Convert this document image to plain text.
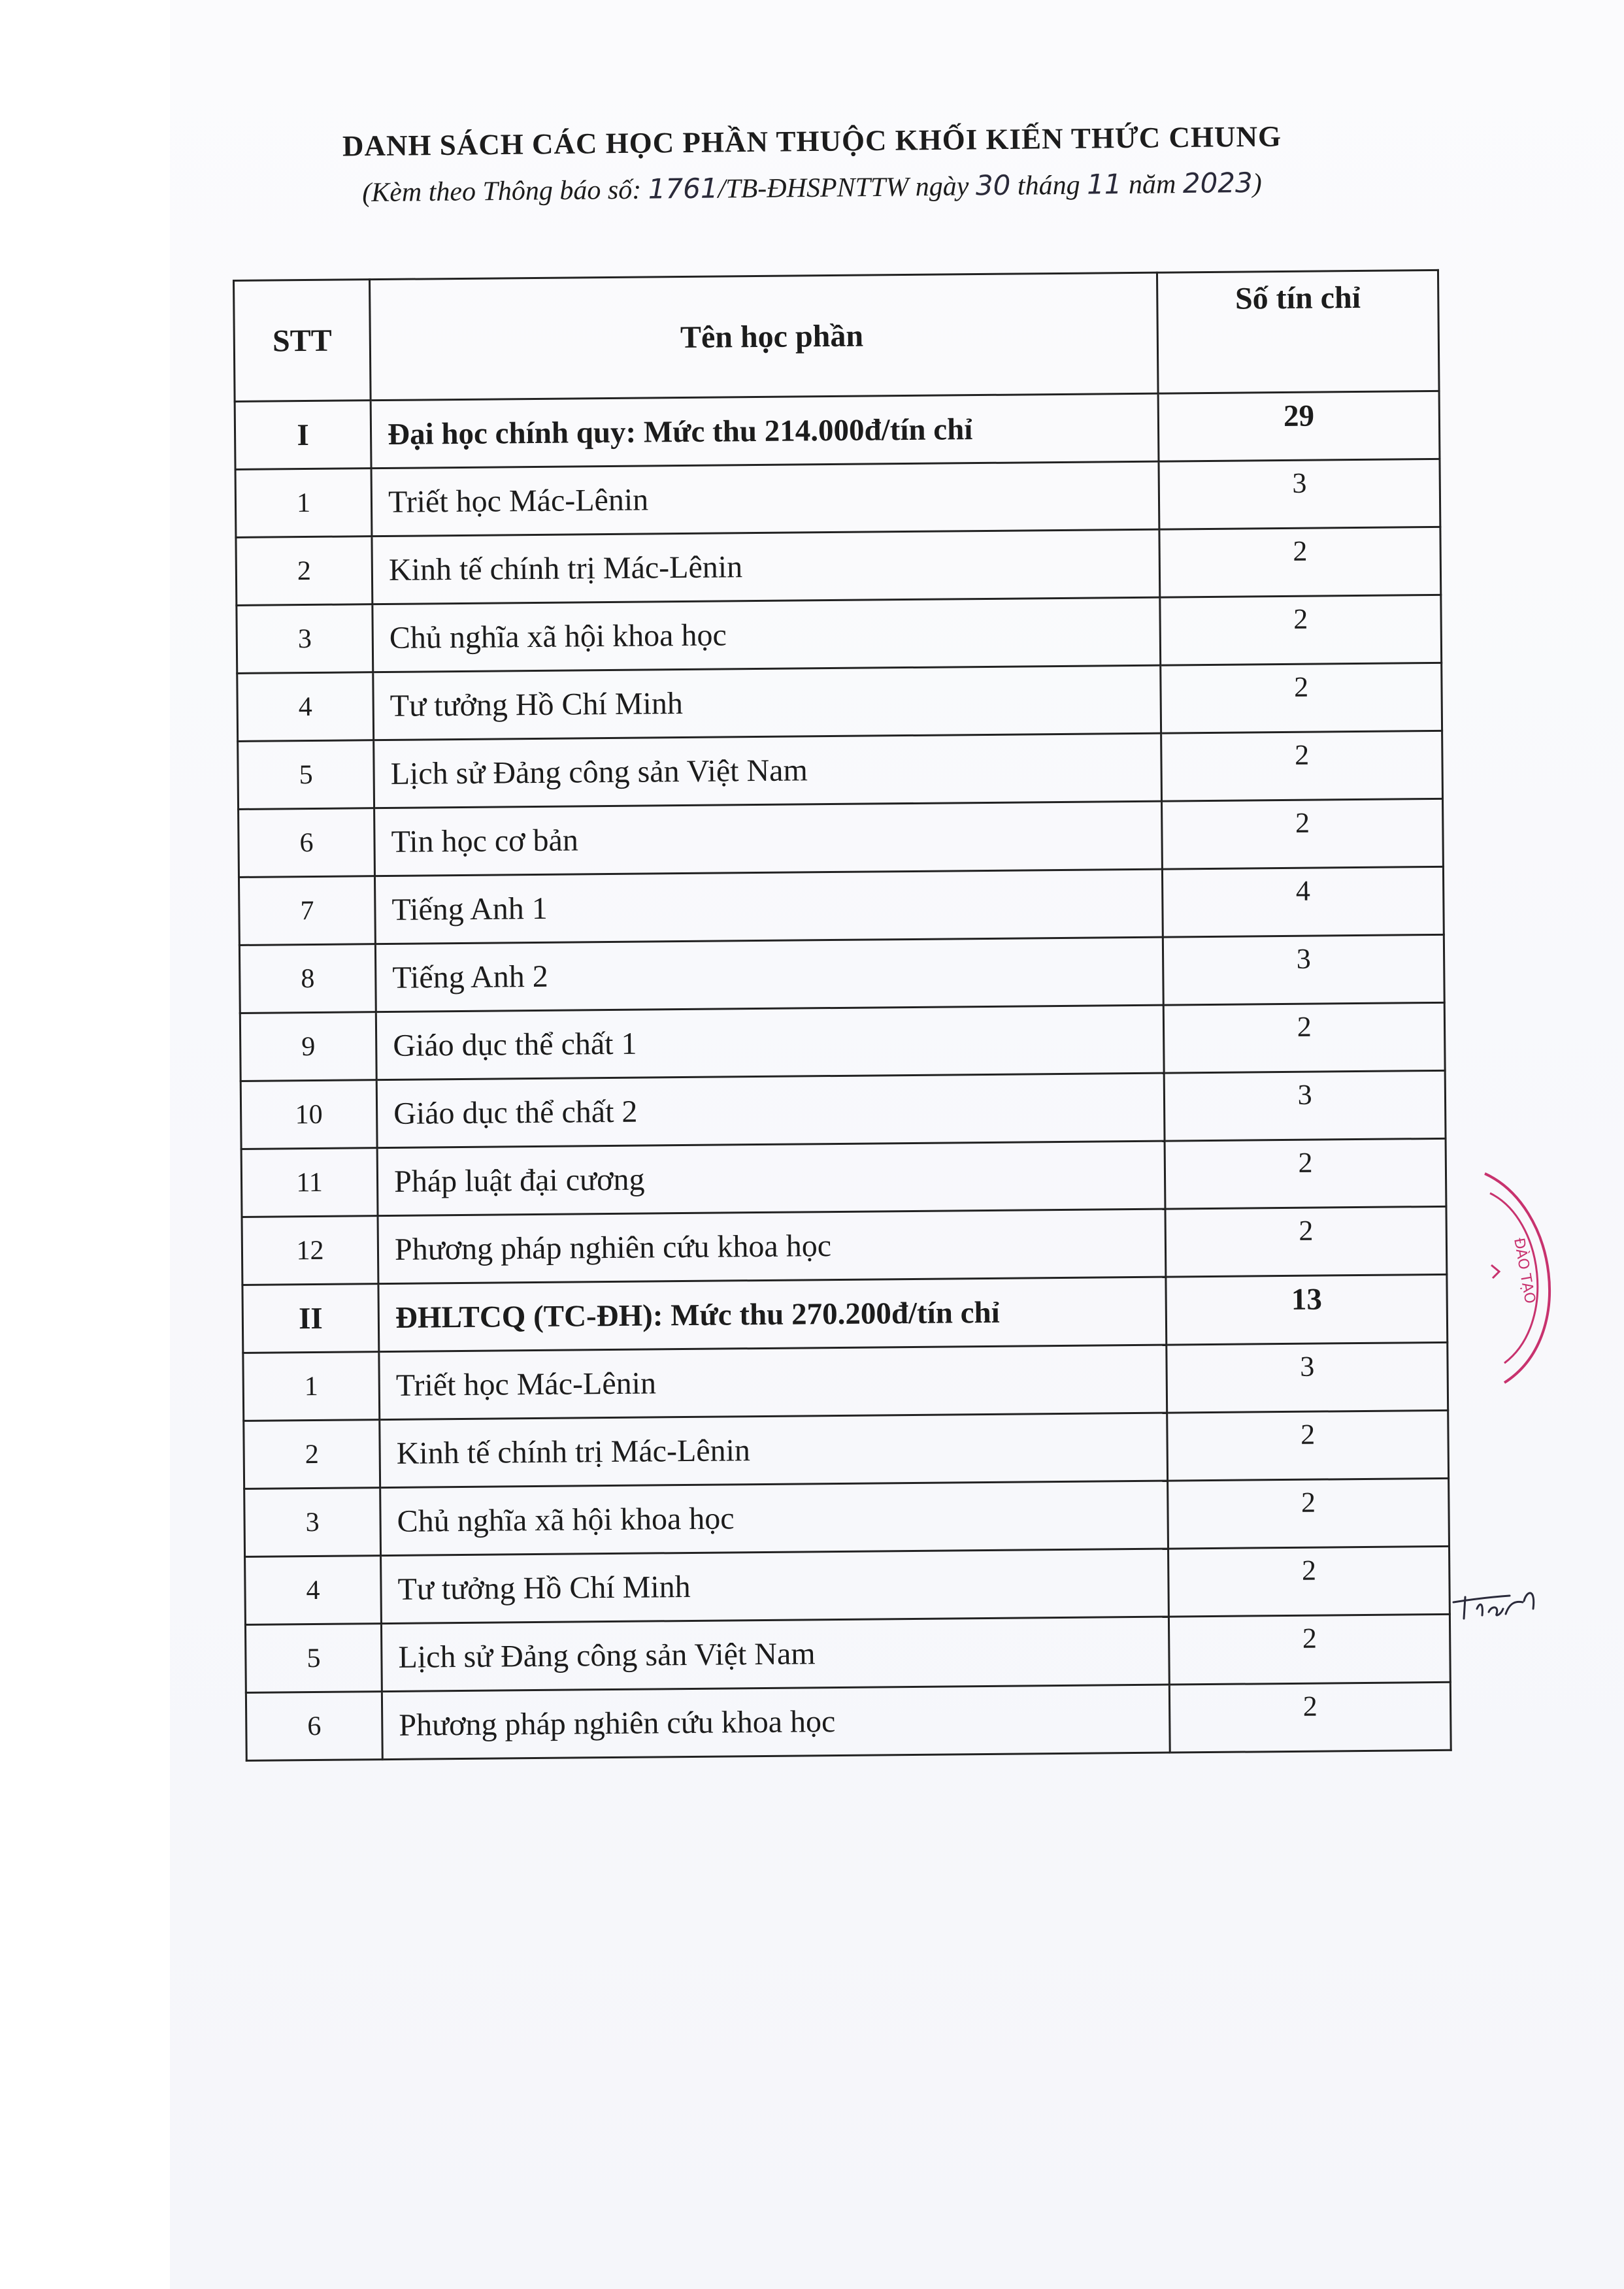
DANH SÁCH CÁC HỌC PHẦN THUỘC KHỐI KIẾN THỨC CHUNG
(Kèm theo Thông báo số: 1761/TB-ĐHSPNTTW ngày 30 tháng 11 năm 2023)
STT	Tên học phần	Số tín chỉ
I	Đại học chính quy: Mức thu 214.000đ/tín chỉ	29
1	Triết học Mác-Lênin	3
2	Kinh tế chính trị Mác-Lênin	2
3	Chủ nghĩa xã hội khoa học	2
4	Tư tưởng Hồ Chí Minh	2
5	Lịch sử Đảng công sản Việt Nam	2
6	Tin học cơ bản	2
7	Tiếng Anh 1	4
8	Tiếng Anh 2	3
9	Giáo dục thể chất 1	2
10	Giáo dục thể chất 2	3
11	Pháp luật đại cương	2
12	Phương pháp nghiên cứu khoa học	2
II	ĐHLTCQ (TC-ĐH): Mức thu 270.200đ/tín chỉ	13
1	Triết học Mác-Lênin	3
2	Kinh tế chính trị Mác-Lênin	2
3	Chủ nghĩa xã hội khoa học	2
4	Tư tưởng Hồ Chí Minh	2
5	Lịch sử Đảng công sản Việt Nam	2
6	Phương pháp nghiên cứu khoa học	2
ĐÀO TẠO
